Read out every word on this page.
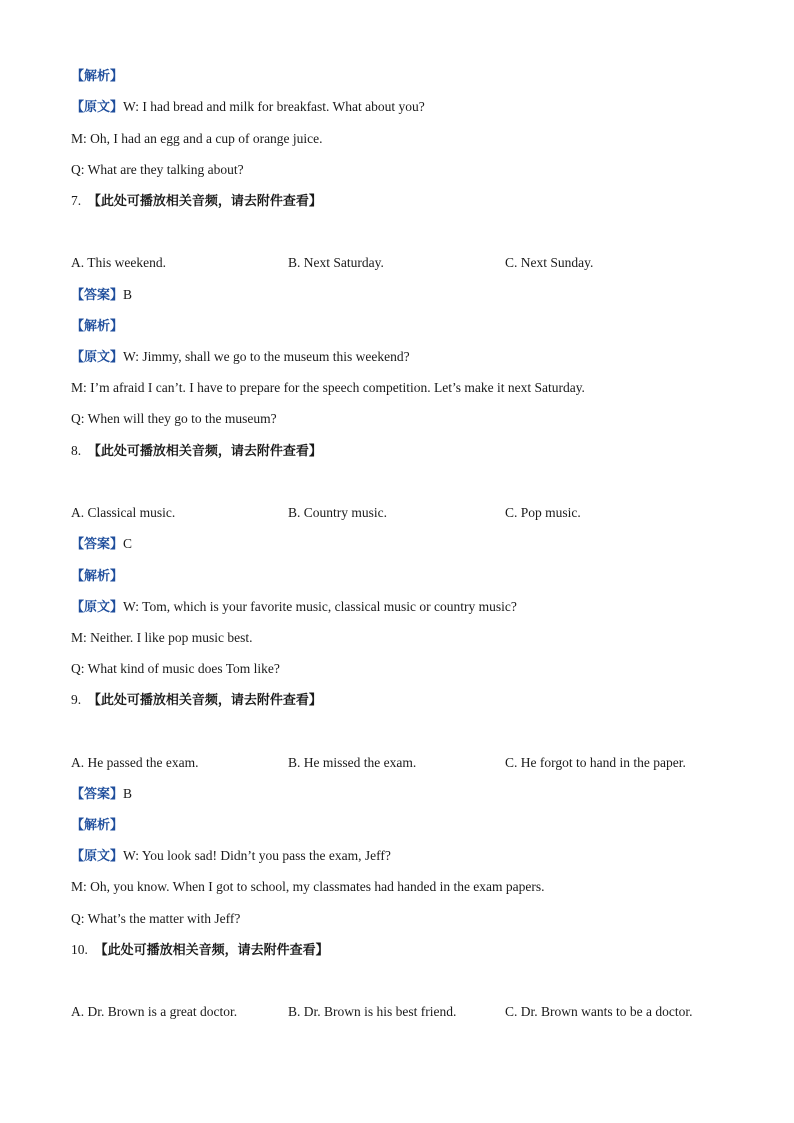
【解析】
【原文】W: I had bread and milk for breakfast. What about you?
M: Oh, I had an egg and a cup of orange juice.
Q: What are they talking about?
7. 【此处可播放相关音频，请去附件查看】
A. This weekend.	B. Next Saturday.	C. Next Sunday.
【答案】B
【解析】
【原文】W: Jimmy, shall we go to the museum this weekend?
M: I’m afraid I can’t. I have to prepare for the speech competition. Let’s make it next Saturday.
Q: When will they go to the museum?
8. 【此处可播放相关音频，请去附件查看】
A. Classical music.	B. Country music.	C. Pop music.
【答案】C
【解析】
【原文】W: Tom, which is your favorite music, classical music or country music?
M: Neither. I like pop music best.
Q: What kind of music does Tom like?
9. 【此处可播放相关音频，请去附件查看】
A. He passed the exam.	B. He missed the exam.	C. He forgot to hand in the paper.
【答案】B
【解析】
【原文】W: You look sad! Didn’t you pass the exam, Jeff?
M: Oh, you know. When I got to school, my classmates had handed in the exam papers.
Q: What’s the matter with Jeff?
10. 【此处可播放相关音频，请去附件查看】
A. Dr. Brown is a great doctor.	B. Dr. Brown is his best friend.	C. Dr. Brown wants to be a doctor.
